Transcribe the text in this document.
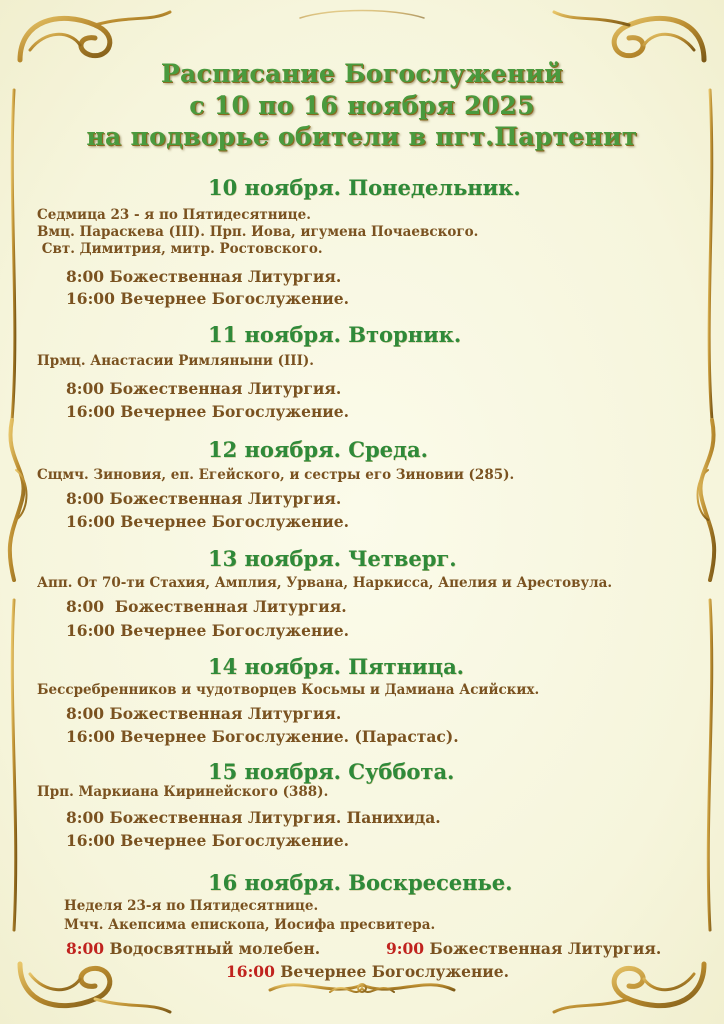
Расписание Богослужений
с 10 по 16 ноября 2025
на подворье обители в пгт.Партенит
10 ноября. Понедельник.
Седмица 23 - я по Пятидесятнице.
Вмц. Параскева (III). Прп. Иова, игумена Почаевского.
Свт. Димитрия, митр. Ростовского.
8:00 Божественная Литургия.
16:00 Вечернее Богослужение.
11 ноября. Вторник.
Прмц. Анастасии Римляныни (III).
8:00 Божественная Литургия.
16:00 Вечернее Богослужение.
12 ноября. Среда.
Сщмч. Зиновия, еп. Егейского, и сестры его Зиновии (285).
8:00 Божественная Литургия.
16:00 Вечернее Богослужение.
13 ноября. Четверг.
Апп. От 70-ти Стахия, Амплия, Урвана, Наркисса, Апелия и Арестовула.
8:00  Божественная Литургия.
16:00 Вечернее Богослужение.
14 ноября. Пятница.
Бессребренников и чудотворцев Косьмы и Дамиана Асийских.
8:00 Божественная Литургия.
16:00 Вечернее Богослужение. (Парастас).
15 ноября. Суббота.
Прп. Маркиана Киринейского (388).
8:00 Божественная Литургия. Панихида.
16:00 Вечернее Богослужение.
16 ноября. Воскресенье.
Неделя 23-я по Пятидесятнице.
Мчч. Акепсима епископа, Иосифа пресвитера.
8:00 Водосвятный молебен.	9:00 Божественная Литургия.
16:00 Вечернее Богослужение.
